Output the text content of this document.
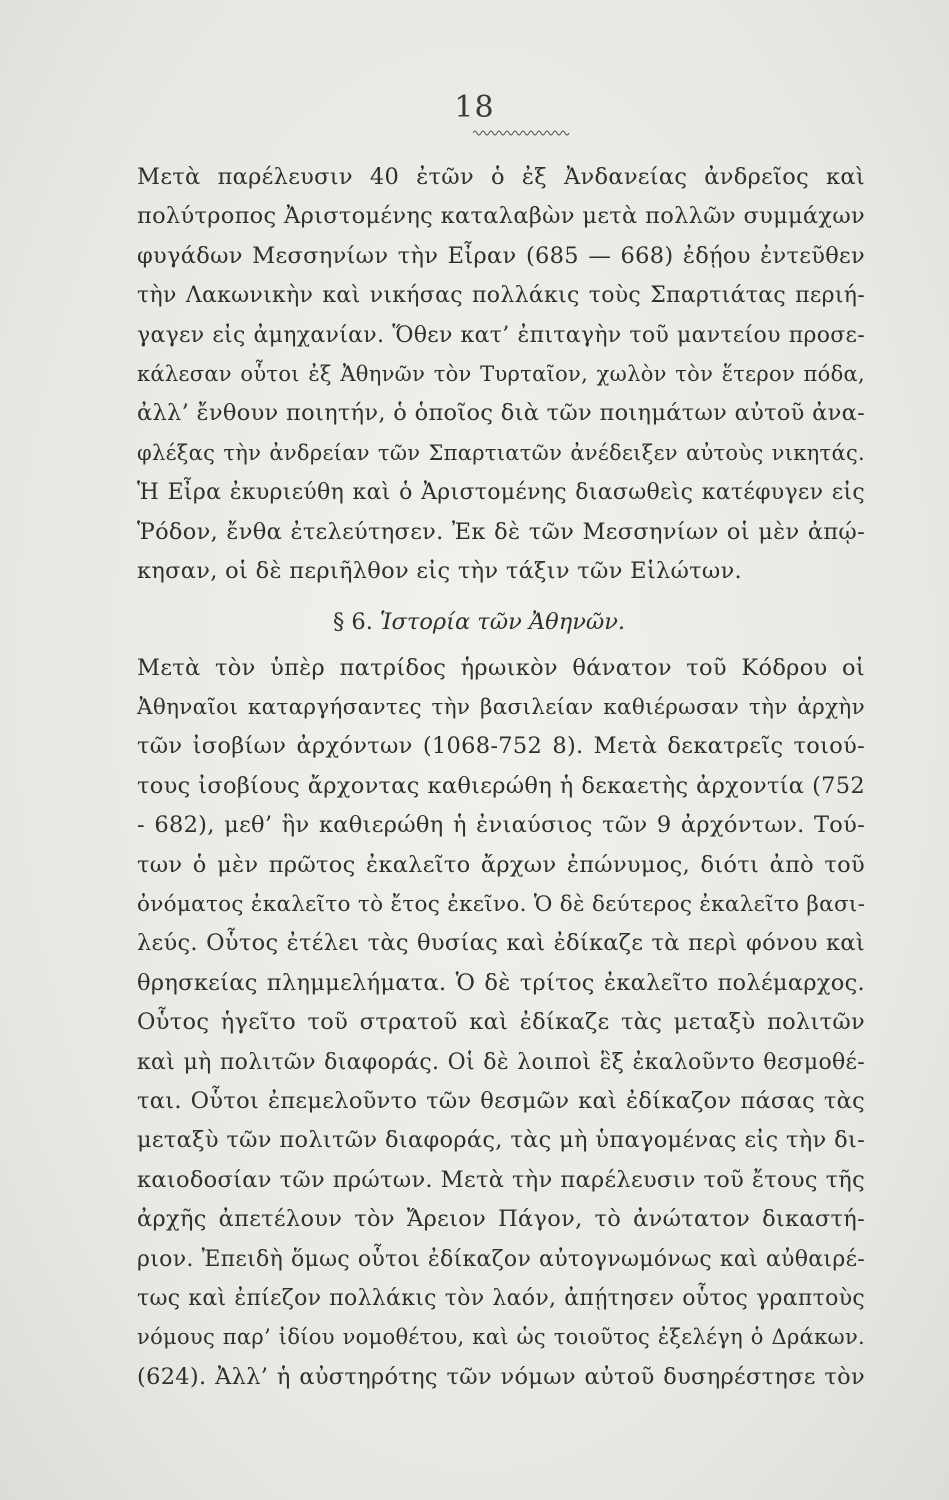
18
Μετὰ παρέλευσιν 40 ἐτῶν ὁ ἐξ Ἀνδανείας ἀνδρεῖος καὶ
πολύτροπος Ἀριστομένης καταλαβὼν μετὰ πολλῶν συμμάχων
φυγάδων Μεσσηνίων τὴν Εἶραν (685 — 668) ἐδῄου ἐντεῦθεν
τὴν Λακωνικὴν καὶ νικήσας πολλάκις τοὺς Σπαρτιάτας περιή-
γαγεν εἰς ἀμηχανίαν. Ὅθεν κατ’ ἐπιταγὴν τοῦ μαντείου προσε-
κάλεσαν οὗτοι ἐξ Ἀθηνῶν τὸν Τυρταῖον, χωλὸν τὸν ἕτερον πόδα,
ἀλλ’ ἔνθουν ποιητήν, ὁ ὁποῖος διὰ τῶν ποιημάτων αὐτοῦ ἀνα-
φλέξας τὴν ἀνδρείαν τῶν Σπαρτιατῶν ἀνέδειξεν αὐτοὺς νικητάς.
Ἡ Εἶρα ἐκυριεύθη καὶ ὁ Ἀριστομένης διασωθεὶς κατέφυγεν εἰς
Ῥόδον, ἔνθα ἐτελεύτησεν. Ἐκ δὲ τῶν Μεσσηνίων οἱ μὲν ἀπῴ-
κησαν, οἱ δὲ περιῆλθον εἰς τὴν τάξιν τῶν Εἱλώτων.
§ 6. Ἱστορία τῶν Ἀθηνῶν.
Μετὰ τὸν ὑπὲρ πατρίδος ἡρωικὸν θάνατον τοῦ Κόδρου οἱ
Ἀθηναῖοι καταργήσαντες τὴν βασιλείαν καθιέρωσαν τὴν ἀρχὴν
τῶν ἰσοβίων ἀρχόντων (1068-752 8). Μετὰ δεκατρεῖς τοιού-
τους ἰσοβίους ἄρχοντας καθιερώθη ἡ δεκαετὴς ἀρχοντία (752
- 682), μεθ’ ἣν καθιερώθη ἡ ἐνιαύσιος τῶν 9 ἀρχόντων. Τού-
των ὁ μὲν πρῶτος ἐκαλεῖτο ἄρχων ἐπώνυμος, διότι ἀπὸ τοῦ
ὀνόματος ἐκαλεῖτο τὸ ἔτος ἐκεῖνο. Ὁ δὲ δεύτερος ἐκαλεῖτο βασι-
λεύς. Οὗτος ἐτέλει τὰς θυσίας καὶ ἐδίκαζε τὰ περὶ φόνου καὶ
θρησκείας πλημμελήματα. Ὁ δὲ τρίτος ἐκαλεῖτο πολέμαρχος.
Οὗτος ἡγεῖτο τοῦ στρατοῦ καὶ ἐδίκαζε τὰς μεταξὺ πολιτῶν
καὶ μὴ πολιτῶν διαφοράς. Οἱ δὲ λοιποὶ ἓξ ἐκαλοῦντο θεσμοθέ-
ται. Οὗτοι ἐπεμελοῦντο τῶν θεσμῶν καὶ ἐδίκαζον πάσας τὰς
μεταξὺ τῶν πολιτῶν διαφοράς, τὰς μὴ ὑπαγομένας εἰς τὴν δι-
καιοδοσίαν τῶν πρώτων. Μετὰ τὴν παρέλευσιν τοῦ ἔτους τῆς
ἀρχῆς ἀπετέλουν τὸν Ἄρειον Πάγον, τὸ ἀνώτατον δικαστή-
ριον. Ἐπειδὴ ὅμως οὗτοι ἐδίκαζον αὐτογνωμόνως καὶ αὐθαιρέ-
τως καὶ ἐπίεζον πολλάκις τὸν λαόν, ἀπῄτησεν οὗτος γραπτοὺς
νόμους παρ’ ἰδίου νομοθέτου, καὶ ὡς τοιοῦτος ἐξελέγη ὁ Δράκων.
(624). Ἀλλ’ ἡ αὐστηρότης τῶν νόμων αὐτοῦ δυσηρέστησε τὸν
